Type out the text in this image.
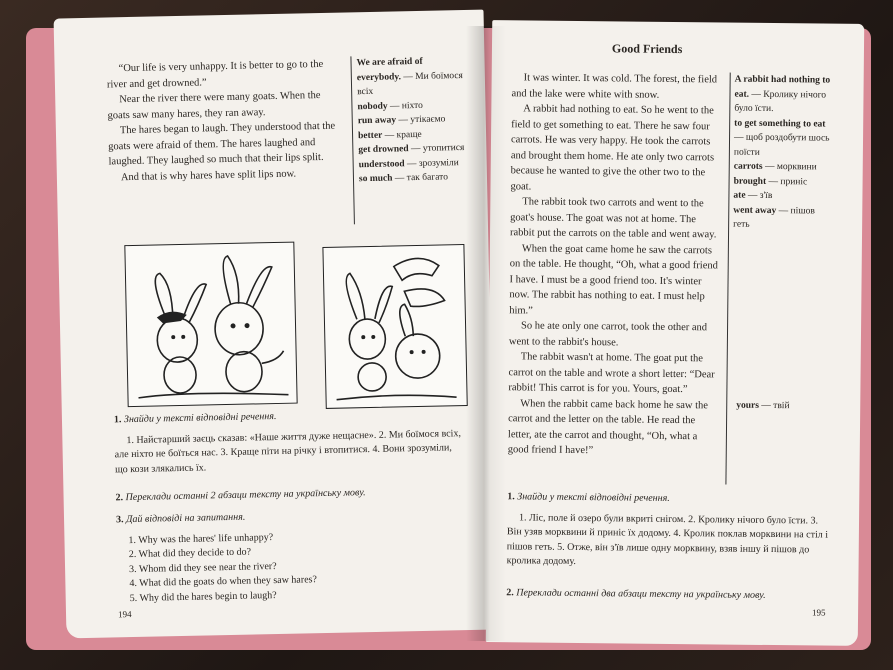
“Our life is very unhappy. It is better to go to the river and get drowned.”

Near the river there were many goats. When the goats saw many hares, they ran away.

The hares began to laugh. They understood that the goats were afraid of them. The hares laughed and laughed. They laughed so much that their lips split.

And that is why hares have split lips now.

We are afraid of everybody. — Ми боїмося всіх
nobody — ніхто
run away — утікаємо
better — краще
get drowned — утопитися
understood — зрозуміли
so much — так багато
1. Знайди у тексті відповідні речення.
1. Найстарший заєць сказав: «Наше життя дуже нещасне». 2. Ми боїмося всіх, але ніхто не боїться нас. 3. Краще піти на річку і втопитися. 4. Вони зрозуміли, що кози злякались їх.
2. Переклади останні 2 абзаци тексту на українську мову.
3. Дай відповіді на запитання.
1. Why was the hares' life unhappy?
2. What did they decide to do?
3. Whom did they see near the river?
4. What did the goats do when they saw hares?
5. Why did the hares begin to laugh?
194
Good Friends

It was winter. It was cold. The forest, the field and the lake were white with snow.

A rabbit had nothing to eat. So he went to the field to get something to eat. There he saw four carrots. He was very happy. He took the carrots and brought them home. He ate only two carrots because he wanted to give the other two to the goat.

The rabbit took two carrots and went to the goat's house. The goat was not at home. The rabbit put the carrots on the table and went away.

When the goat came home he saw the carrots on the table. He thought, “Oh, what a good friend I have. I must be a good friend too. It's winter now. The rabbit has nothing to eat. I must help him.”

So he ate only one carrot, took the other and went to the rabbit's house.

The rabbit wasn't at home. The goat put the carrot on the table and wrote a short letter: “Dear rabbit! This carrot is for you. Yours, goat.”

When the rabbit came back home he saw the carrot and the letter on the table. He read the letter, ate the carrot and thought, “Oh, what a good friend I have!”

A rabbit had nothing to eat. — Кролику нічого було їсти.
to get something to eat — щоб роздобути шось поїсти
carrots — морквини
brought — приніс
ate — з'їв
went away — пішов геть
yours — твій
1. Знайди у тексті відповідні речення.
1. Ліс, поле й озеро були вкриті снігом. 2. Кролику нічого було їсти. 3. Він узяв морквини й приніс їх додому. 4. Кролик поклав морквини на стіл і пішов геть. 5. Отже, він з'їв лише одну морквину, взяв іншу й пішов до кролика додому.
2. Переклади останні два абзаци тексту на українську мову.
195
